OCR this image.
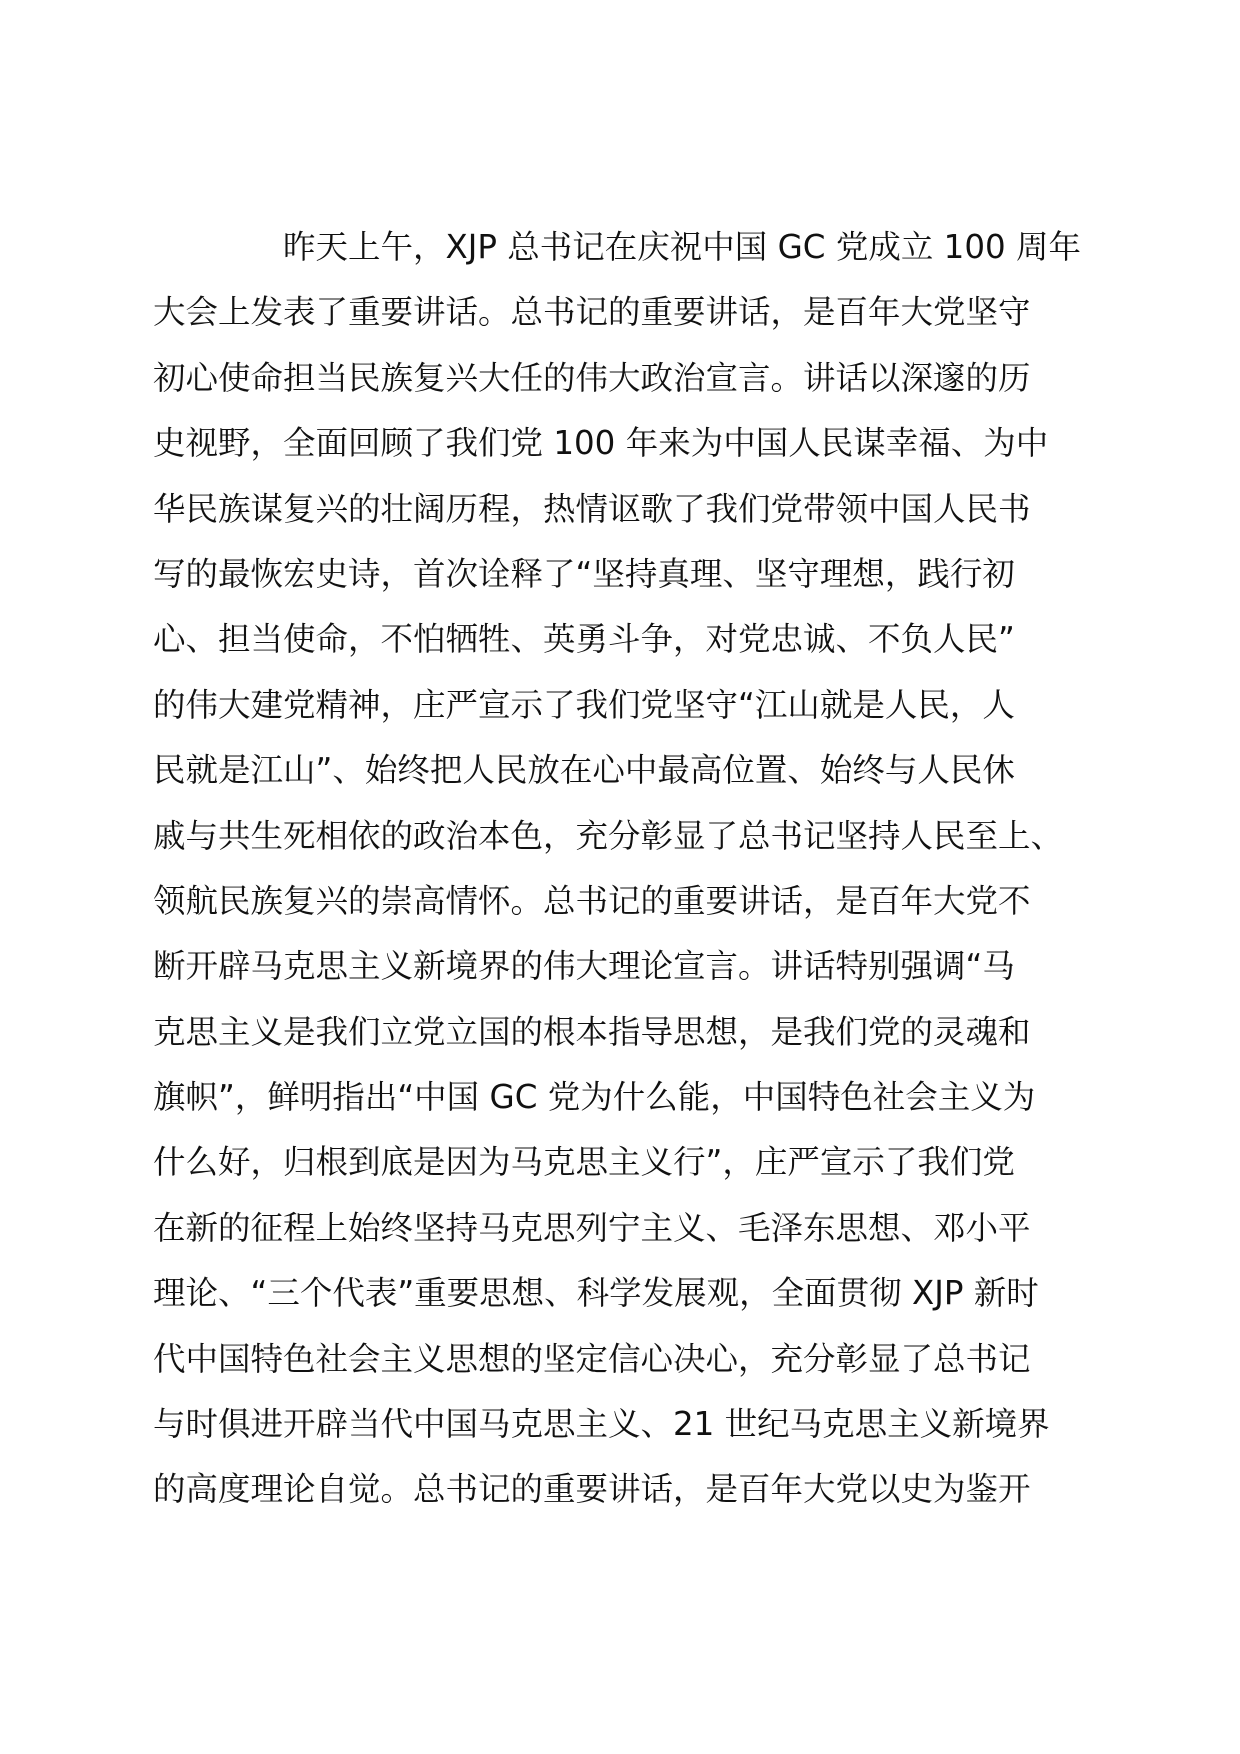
昨天上午，XJP 总书记在庆祝中国 GC 党成立 100 周年
大会上发表了重要讲话。总书记的重要讲话，是百年大党坚守
初心使命担当民族复兴大任的伟大政治宣言。讲话以深邃的历
史视野，全面回顾了我们党 100 年来为中国人民谋幸福、为中
华民族谋复兴的壮阔历程，热情讴歌了我们党带领中国人民书
写的最恢宏史诗，首次诠释了“坚持真理、坚守理想，践行初
心、担当使命，不怕牺牲、英勇斗争，对党忠诚、不负人民”
的伟大建党精神，庄严宣示了我们党坚守“江山就是人民，人
民就是江山”、始终把人民放在心中最高位置、始终与人民休
戚与共生死相依的政治本色，充分彰显了总书记坚持人民至上、
领航民族复兴的崇高情怀。总书记的重要讲话，是百年大党不
断开辟马克思主义新境界的伟大理论宣言。讲话特别强调“马
克思主义是我们立党立国的根本指导思想，是我们党的灵魂和
旗帜”，鲜明指出“中国 GC 党为什么能，中国特色社会主义为
什么好，归根到底是因为马克思主义行”，庄严宣示了我们党
在新的征程上始终坚持马克思列宁主义、毛泽东思想、邓小平
理论、“三个代表”重要思想、科学发展观，全面贯彻 XJP 新时
代中国特色社会主义思想的坚定信心决心，充分彰显了总书记
与时俱进开辟当代中国马克思主义、21 世纪马克思主义新境界
的高度理论自觉。总书记的重要讲话，是百年大党以史为鉴开
